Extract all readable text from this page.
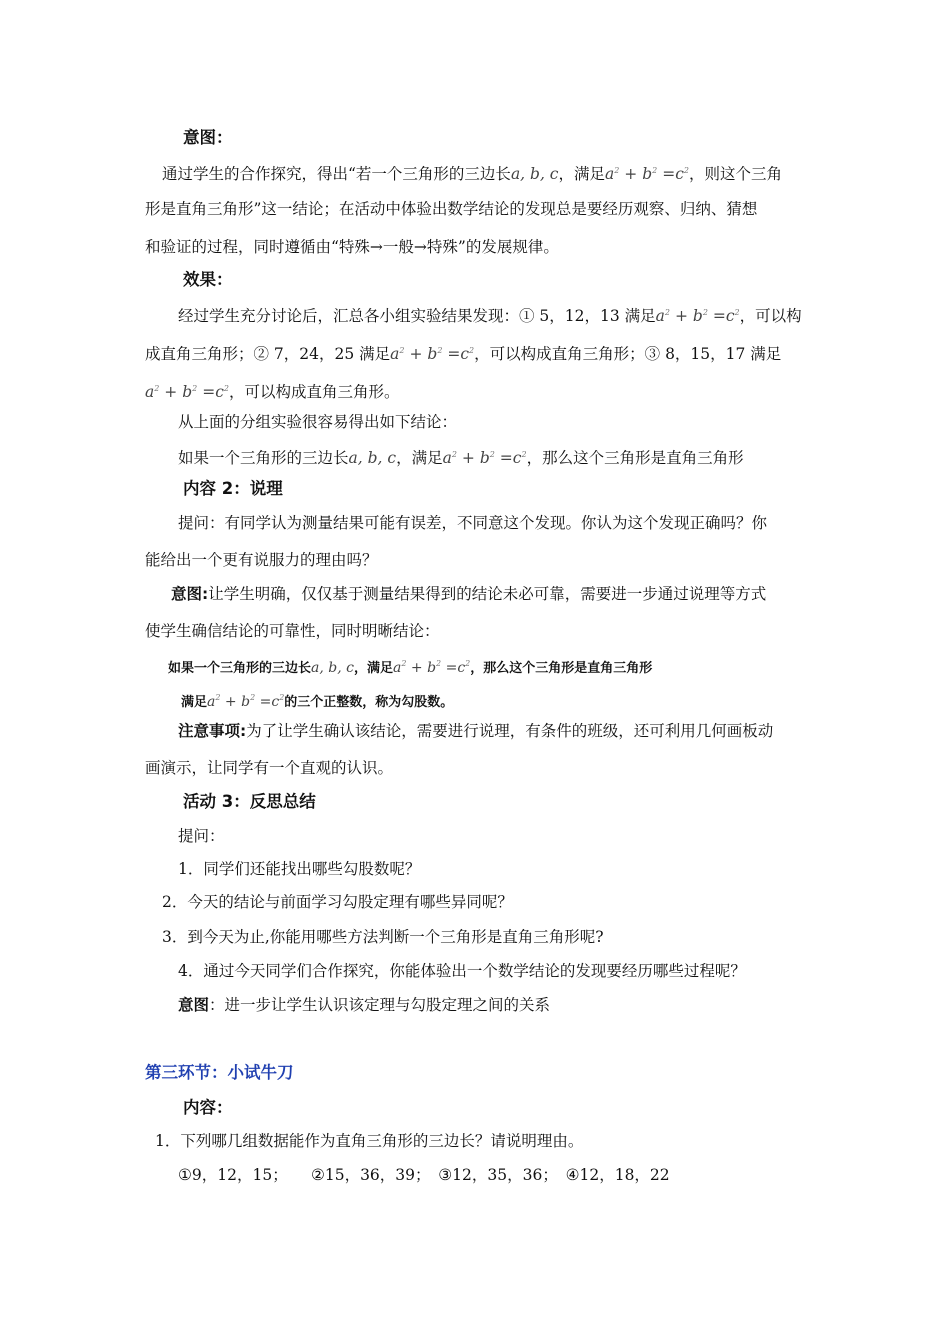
意图：
通过学生的合作探究，得出“若一个三角形的三边长a, b, c，满足$a^2 + b^2 =c^2$，则这个三角
形是直角三角形”这一结论；在活动中体验出数学结论的发现总是要经历观察、归纳、猜想
和验证的过程，同时遵循由“特殊→一般→特殊”的发展规律。
效果：
经过学生充分讨论后，汇总各小组实验结果发现：① 5，12，13 满足$a^2 + b^2 =c^2$，可以构
成直角三角形；② 7，24，25 满足$a^2 + b^2 =c^2$，可以构成直角三角形；③ 8，15，17 满足
$a^2 + b^2 =c^2$，可以构成直角三角形。
从上面的分组实验很容易得出如下结论：
如果一个三角形的三边长a, b, c，满足$a^2 + b^2 =c^2$，那么这个三角形是直角三角形
内容 2：说理
提问：有同学认为测量结果可能有误差，不同意这个发现。你认为这个发现正确吗？你
能给出一个更有说服力的理由吗？
意图:让学生明确，仅仅基于测量结果得到的结论未必可靠，需要进一步通过说理等方式
使学生确信结论的可靠性，同时明晰结论：
如果一个三角形的三边长a, b, c，满足$a^2 + b^2 =c^2$，那么这个三角形是直角三角形
满足$a^2 + b^2 =c^2$的三个正整数，称为勾股数。
注意事项:为了让学生确认该结论，需要进行说理，有条件的班级，还可利用几何画板动
画演示，让同学有一个直观的认识。
活动 3：反思总结
提问：
1．同学们还能找出哪些勾股数呢？
2．今天的结论与前面学习勾股定理有哪些异同呢？
3．到今天为止,你能用哪些方法判断一个三角形是直角三角形呢?
4．通过今天同学们合作探究，你能体验出一个数学结论的发现要经历哪些过程呢？
意图：进一步让学生认识该定理与勾股定理之间的关系
第三环节：小试牛刀
内容：
1．下列哪几组数据能作为直角三角形的三边长？请说明理由。
①9，12，15；　　②15，36，39；　③12，35，36；　④12，18，22
